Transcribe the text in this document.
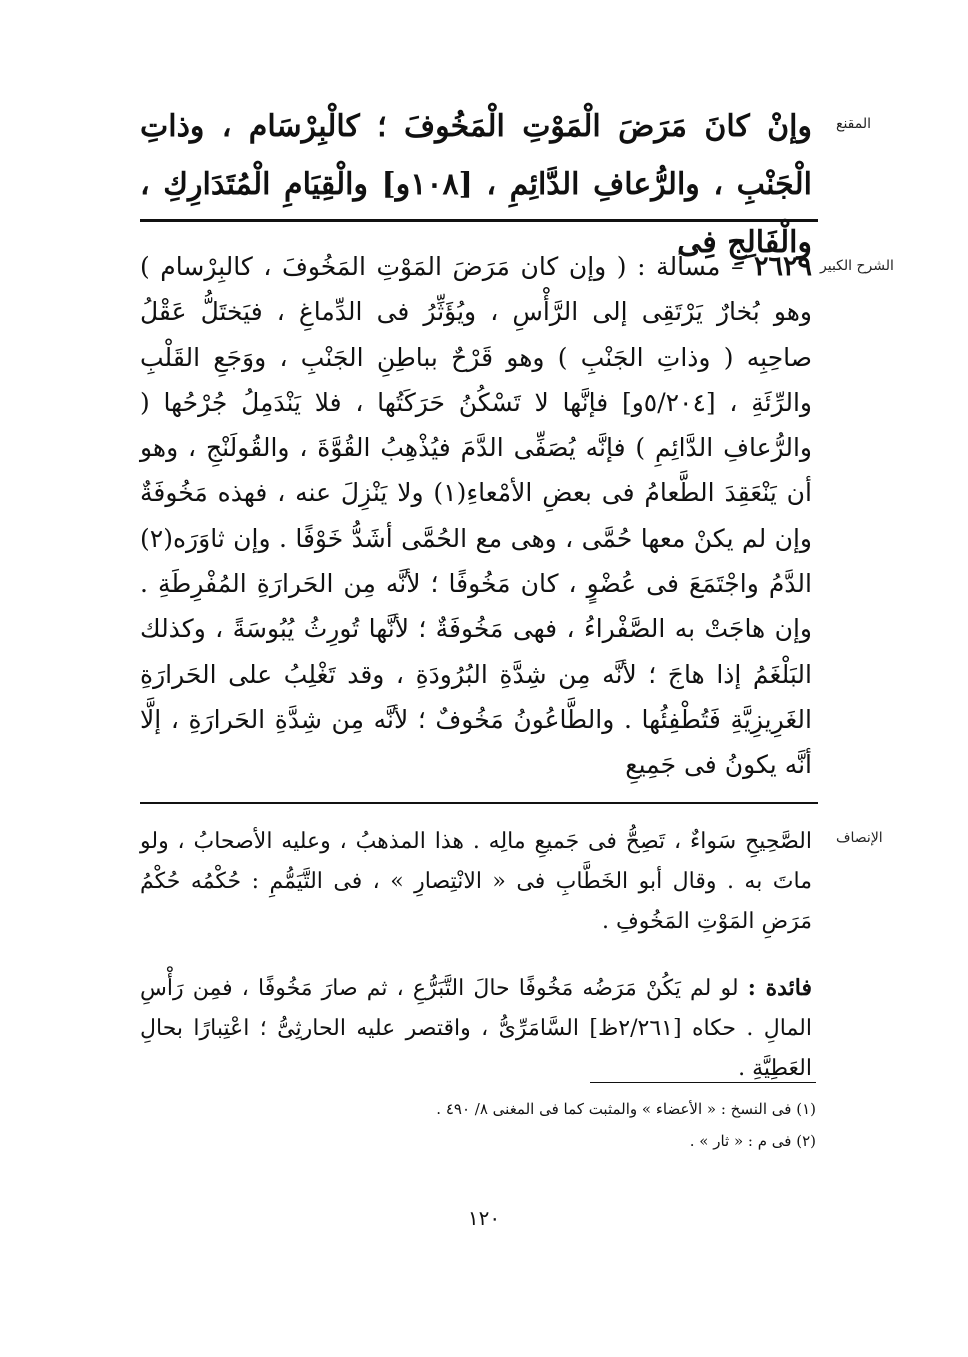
المقنع
وإنْ كانَ مَرَضَ الْمَوْتِ الْمَخُوفَ ؛ كالْبِرْسَام ، وذاتِ الْجَنْبِ ، والرُّعافِ الدَّائِمِ ، [١٠٨و] والْقِيَامِ الْمُتَدَارِكِ ، والْفَالِجِ فِى
الشرح الكبير
٢٦٢٩ – مسألة : ( وإن كان مَرَضَ المَوْتِ المَخُوفَ ، كالبِرْسام ) وهو بُخارٌ يَرْتَقِى إلى الرَّأْسِ ، ويُؤَثِّرُ فى الدِّماغِ ، فيَختَلُّ عَقْلُ صاحِبِه ( وذاتِ الجَنْبِ ) وهو قَرْحٌ بباطِنِ الجَنْبِ ، ووَجَعِ القَلْبِ والرِّئَةِ ، [٥/٢٠٤و] فإنَّها لا تَسْكُنُ حَرَكَتُها ، فلا يَنْدَمِلُ جُرْحُها ( والرُّعافِ الدَّائِمِ ) فإنَّه يُصَفِّى الدَّمَ فيُذْهِبُ القُوَّةَ ، والقُولَنْجِ ، وهو أن يَنْعَقِدَ الطَّعامُ فى بعضِ الأمْعاءِ(١) ولا يَنْزِلَ عنه ، فهذه مَخُوفَةٌ وإن لم يكنْ معها حُمَّى ، وهى مع الحُمَّى أشَدُّ خَوْفًا . وإن ثاوَرَه(٢) الدَّمُ واجْتَمَعَ فى عُضْوٍ ، كان مَخُوفًا ؛ لأنَّه مِن الحَرارَةِ المُفْرِطَةِ . وإن هاجَتْ به الصَّفْراءُ ، فهى مَخُوفَةٌ ؛ لأنَّها تُورِثُ يُبُوسَةً ، وكذلك البَلْغَمُ إذا هاجَ ؛ لأنَّه مِن شِدَّةِ البُرُودَةِ ، وقد تَغْلِبُ على الحَرارَةِ الغَرِيزِيَّةِ فَتُطْفِئُها . والطَّاعُونُ مَخُوفٌ ؛ لأنَّه مِن شِدَّةِ الحَرارَةِ ، إلَّا أنَّه يكونُ فى جَمِيعِ
الإنصاف
الصَّحِيحِ سَواءٌ ، تَصِحُّ فى جَميعِ مالِه . هذا المذهبُ ، وعليه الأصحابُ ، ولو ماتَ به . وقال أبو الخَطَّابِ فى « الانْتِصارِ » ، فى التَّيَمُّمِ : حُكْمُه حُكْمُ مَرَضِ المَوْتِ المَخُوفِ .
فائدة : لو لم يَكُنْ مَرَضُه مَخُوفًا حالَ التَّبَرُّعِ ، ثم صارَ مَخُوفًا ، فمِن رَأْسِ المالِ . حكاه [٢/٢٦١ظ] السَّامَرِّىُّ ، واقتصر عليه الحارثِىُّ ؛ اعْتِبارًا بحالِ العَطِيَّةِ .
(١) فى النسخ : « الأعضاء » والمثبت كما فى المغنى ٨/ ٤٩٠ .
(٢) فى م : « ثار » .
١٢٠
